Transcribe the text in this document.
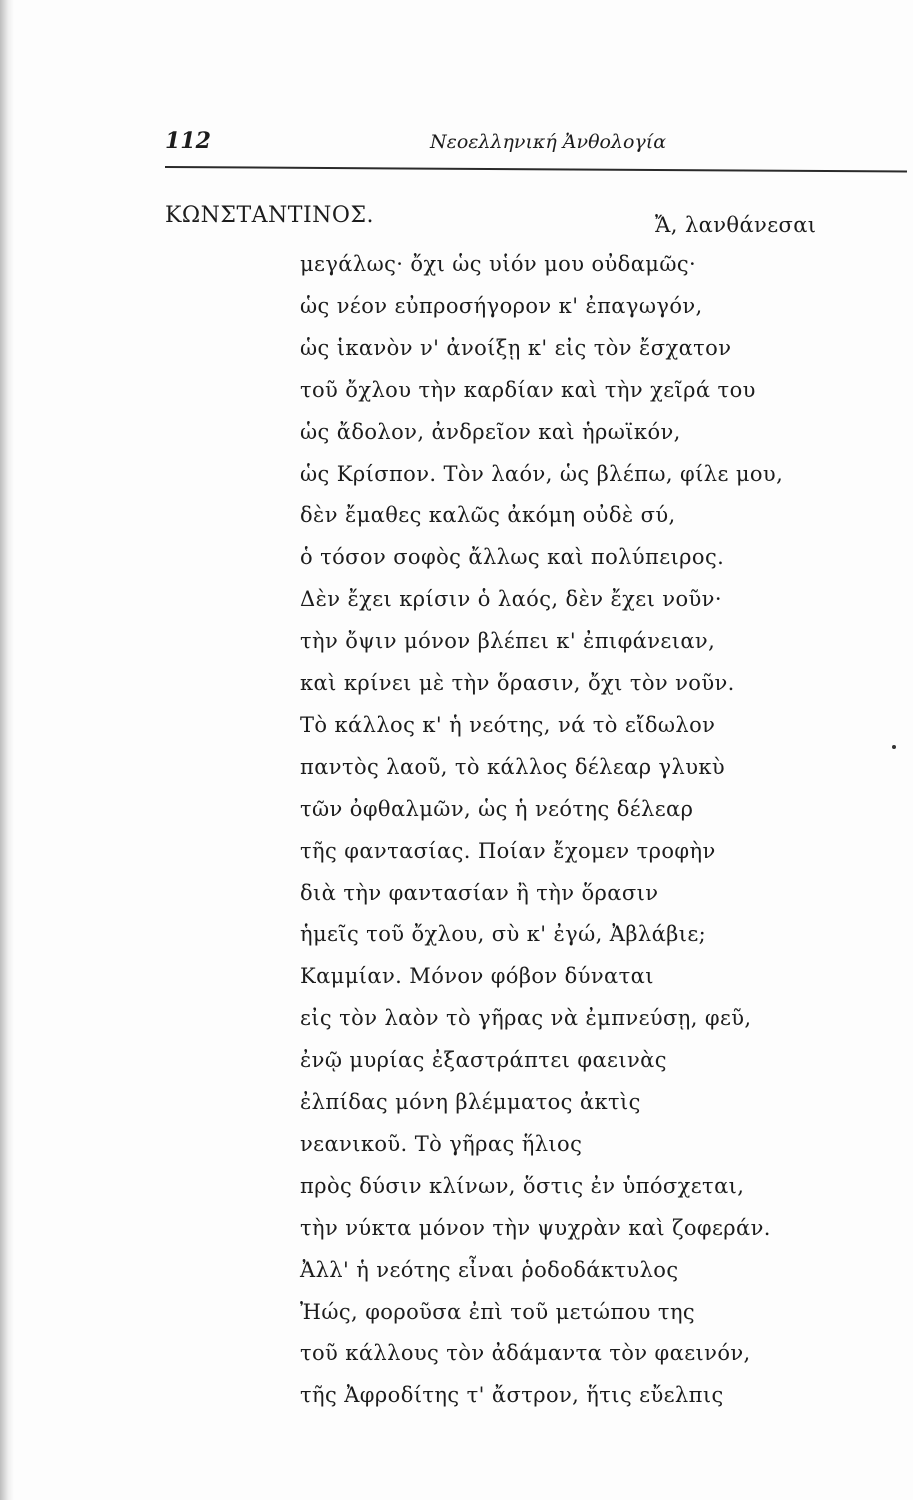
112	Νεοελληνική Ἀνθολογία
ΚΩΝΣΤΑΝΤΙΝΟΣ.	Ἄ, λανθάνεσαι
μεγάλως· ὄχι ὡς υἱόν μου οὐδαμῶς·
ὡς νέον εὐπροσήγορον κ' ἐπαγωγόν,
ὡς ἱκανὸν ν' ἀνοίξῃ κ' εἰς τὸν ἔσχατον
τοῦ ὄχλου τὴν καρδίαν καὶ τὴν χεῖρά του
ὡς ἄδολον, ἀνδρεῖον καὶ ἡρωϊκόν,
ὡς Κρίσπον. Τὸν λαόν, ὡς βλέπω, φίλε μου,
δὲν ἔμαθες καλῶς ἀκόμη οὐδὲ σύ,
ὁ τόσον σοφὸς ἄλλως καὶ πολύπειρος.
Δὲν ἔχει κρίσιν ὁ λαός, δὲν ἔχει νοῦν·
τὴν ὄψιν μόνον βλέπει κ' ἐπιφάνειαν,
καὶ κρίνει μὲ τὴν ὅρασιν, ὄχι τὸν νοῦν.
Τὸ κάλλος κ' ἡ νεότης, νά τὸ εἴδωλον
παντὸς λαοῦ, τὸ κάλλος δέλεαρ γλυκὺ
τῶν ὀφθαλμῶν, ὡς ἡ νεότης δέλεαρ
τῆς φαντασίας. Ποίαν ἔχομεν τροφὴν
διὰ τὴν φαντασίαν ἢ τὴν ὅρασιν
ἡμεῖς τοῦ ὄχλου, σὺ κ' ἐγώ, Ἀβλάβιε;
Καμμίαν. Μόνον φόβον δύναται
εἰς τὸν λαὸν τὸ γῆρας νὰ ἐμπνεύσῃ, φεῦ,
ἐνῷ μυρίας ἐξαστράπτει φαεινὰς
ἐλπίδας μόνη βλέμματος ἀκτὶς
νεανικοῦ. Τὸ γῆρας ἥλιος
πρὸς δύσιν κλίνων, ὅστις ἐν ὑπόσχεται,
τὴν νύκτα μόνον τὴν ψυχρὰν καὶ ζοφεράν.
Ἀλλ' ἡ νεότης εἶναι ῥοδοδάκτυλος
Ἠώς, φοροῦσα ἐπὶ τοῦ μετώπου της
τοῦ κάλλους τὸν ἀδάμαντα τὸν φαεινόν,
τῆς Ἀφροδίτης τ' ἄστρον, ἥτις εὔελπις
